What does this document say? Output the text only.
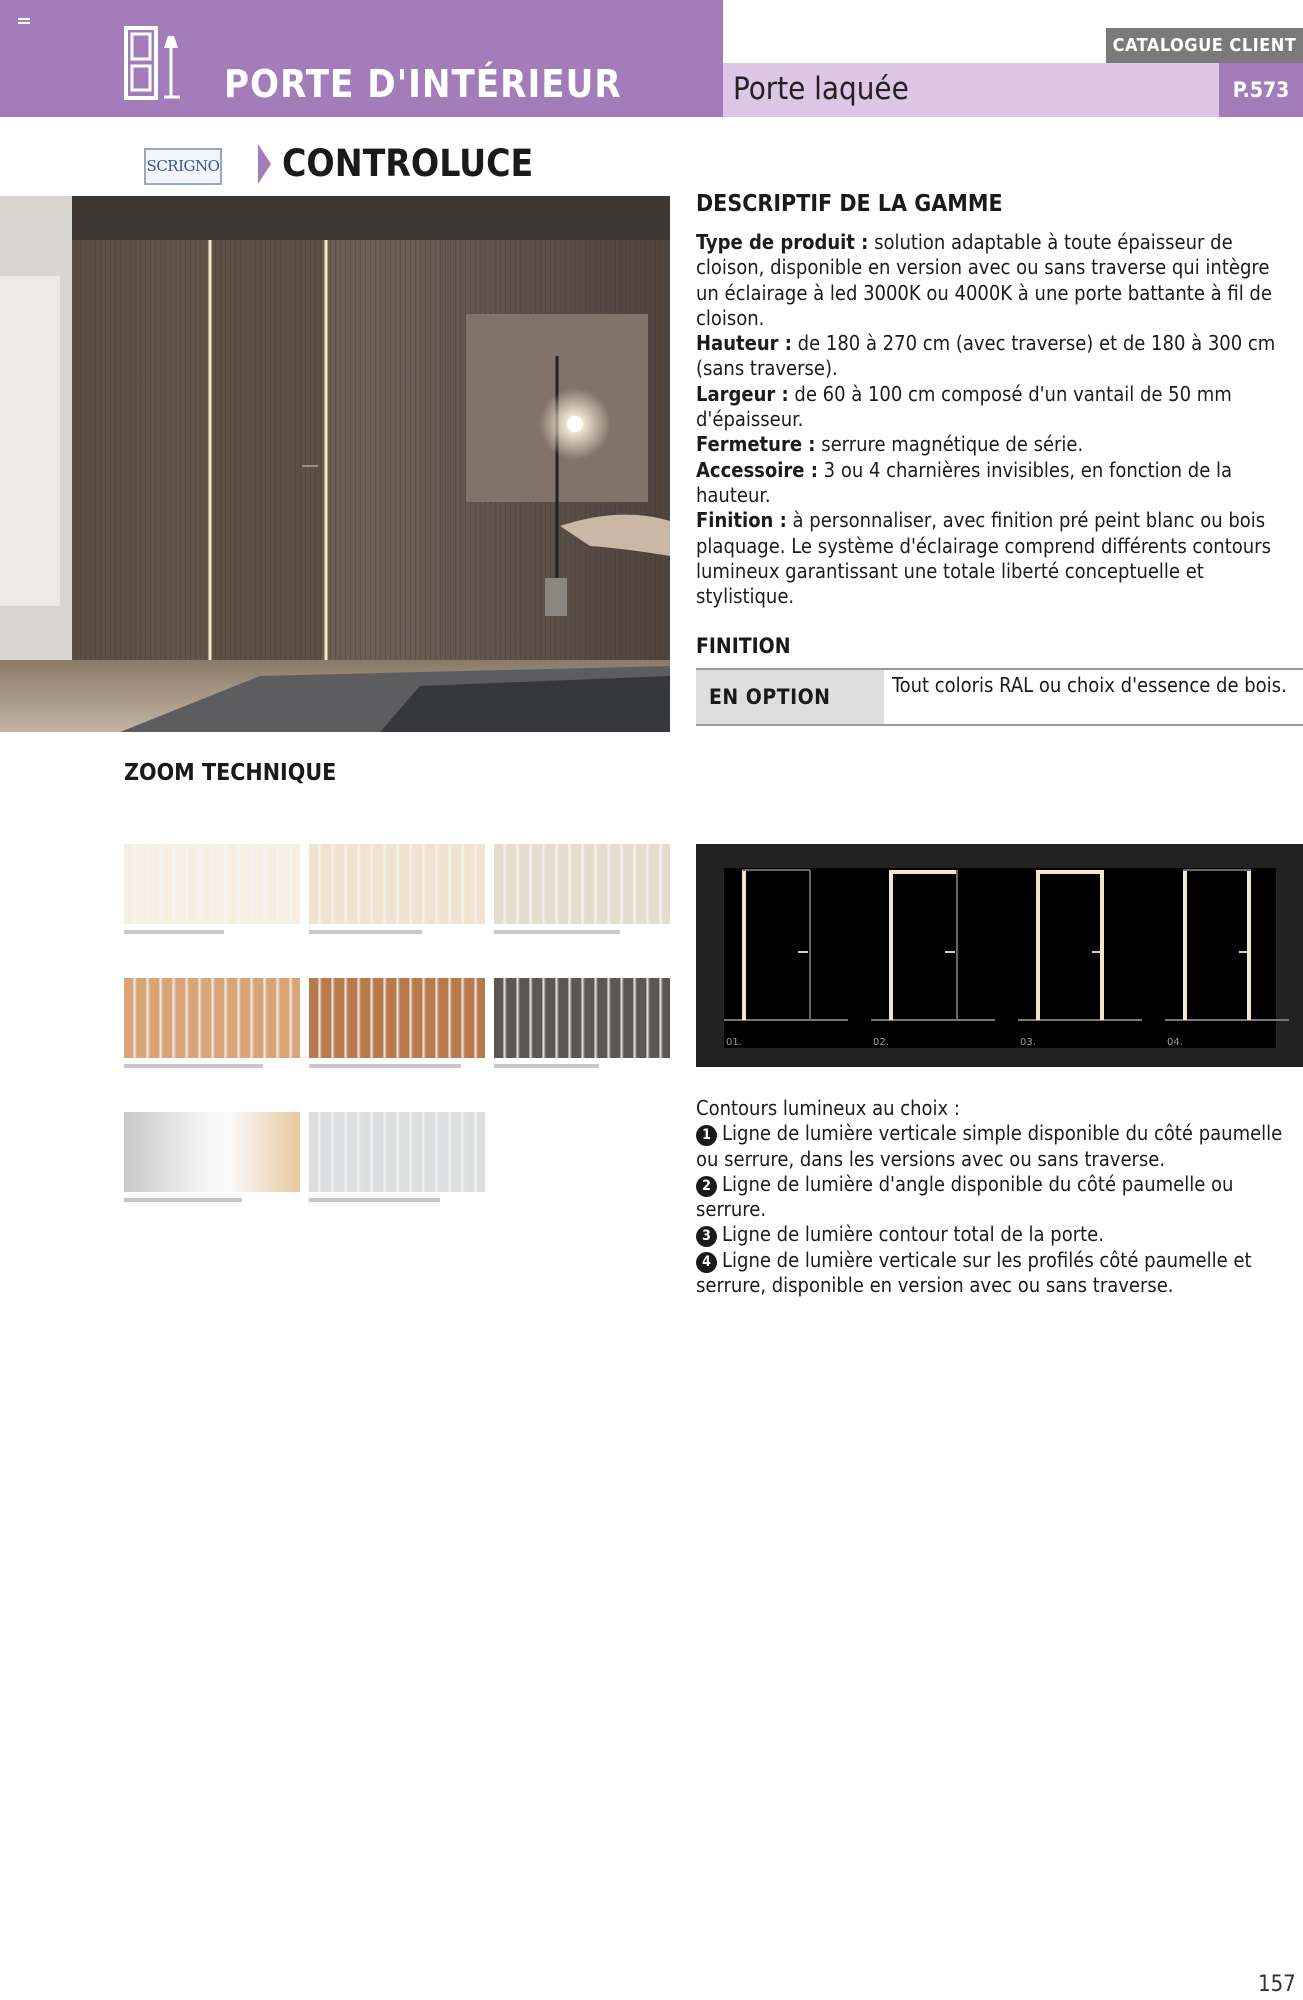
PORTE D'INTÉRIEUR	Porte laquée
CATALOGUE CLIENT
P.573
SCRIGNO CONTROLUCE
DESCRIPTIF DE LA GAMME

Type de produit : solution adaptable à toute épaisseur de cloison, disponible en version avec ou sans traverse qui intègre un éclairage à led 3000K ou 4000K à une porte battante à fil de cloison.

Hauteur : de 180 à 270 cm (avec traverse) et de 180 à 300 cm (sans traverse).

Largeur : de 60 à 100 cm composé d'un vantail de 50 mm d'épaisseur.

Fermeture : serrure magnétique de série.

Accessoire : 3 ou 4 charnières invisibles, en fonction de la hauteur.

Finition : à personnaliser, avec finition pré peint blanc ou bois plaquage. Le système d'éclairage comprend différents contours lumineux garantissant une totale liberté conceptuelle et stylistique.

FINITION
EN OPTION	Tout coloris RAL ou choix d'essence de bois.
ZOOM TECHNIQUE
01.	02.	03.	04.

Contours lumineux au choix :

1 Ligne de lumière verticale simple disponible du côté paumelle ou serrure, dans les versions avec ou sans traverse.

2 Ligne de lumière d'angle disponible du côté paumelle ou serrure.

3 Ligne de lumière contour total de la porte.

4 Ligne de lumière verticale sur les profilés côté paumelle et serrure, disponible en version avec ou sans traverse.

157
